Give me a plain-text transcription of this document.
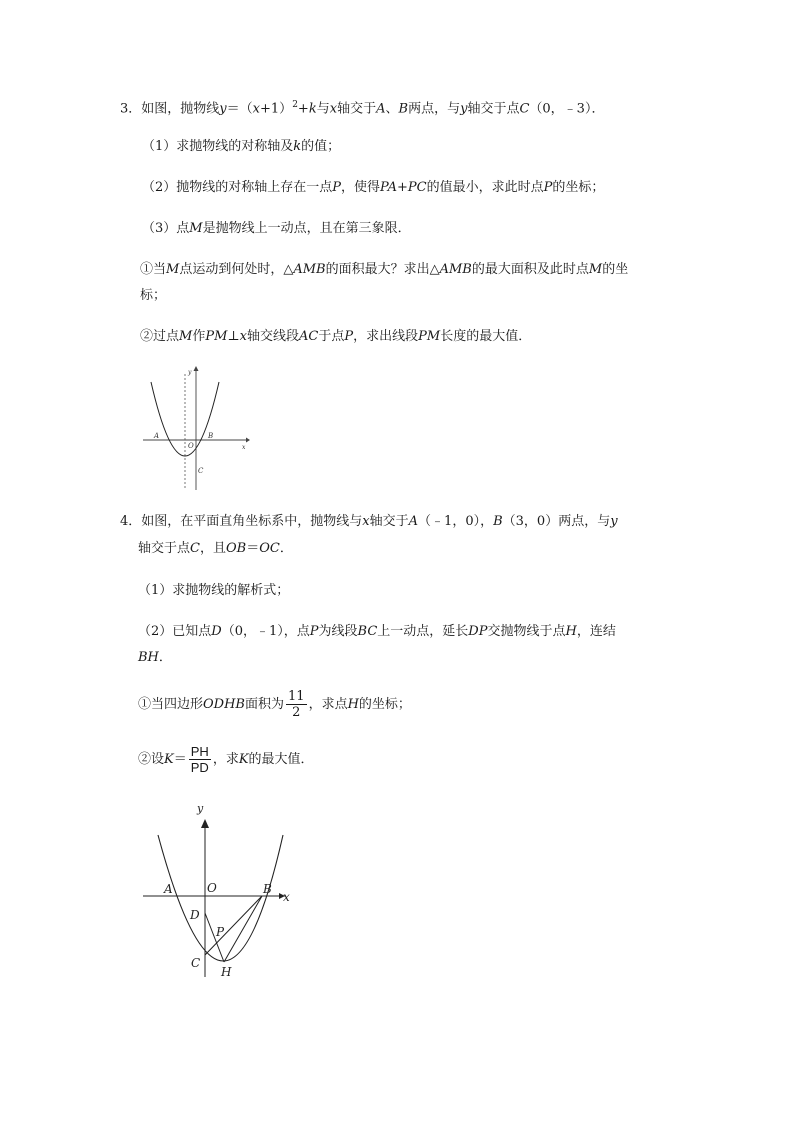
3．如图，抛物线$y=(x+1)^2+k$与x轴交于A、B两点，与y轴交于点C（0，﹣3）．
（1）求抛物线的对称轴及k的值；
（2）抛物线的对称轴上存在一点P，使得PA+PC的值最小，求此时点P的坐标；
（3）点M是抛物线上一动点，且在第三象限．
①当M点运动到何处时，△AMB的面积最大？求出△AMB的最大面积及此时点M的坐
标；
②过点M作PM⊥x轴交线段AC于点P，求出线段PM长度的最大值．
y
A
O
B
x
C
4．如图，在平面直角坐标系中，抛物线与x轴交于A（﹣1，0），B（3，0）两点，与y
轴交于点C，且OB＝OC．
（1）求抛物线的解析式；
（2）已知点D（0，﹣1），点P为线段BC上一动点，延长DP交抛物线于点H，连结
BH．
①当四边形ODHB面积为 $\frac{11}{2}$ ，求点H的坐标；
②设$K= \frac{PH}{PD}$ ，求K的最大值．
y
A	O	B
x
D
P
C
H
